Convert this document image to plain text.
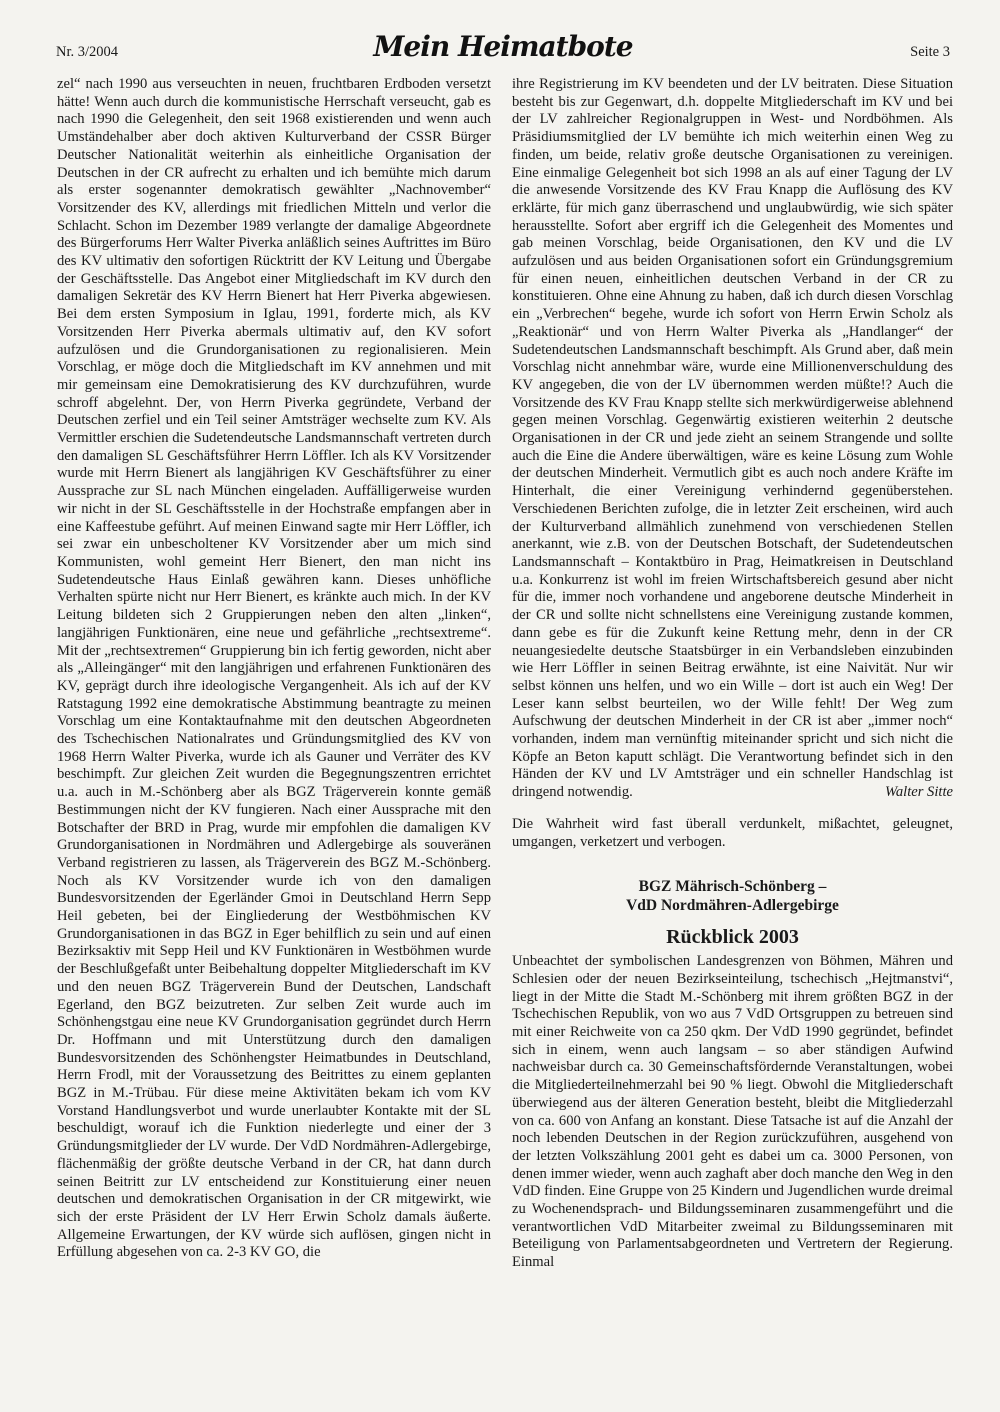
Nr. 3/2004	Mein Heimatbote	Seite 3

zel“ nach 1990 aus verseuchten in neuen, fruchtbaren Erdboden versetzt hätte! Wenn auch durch die kommunistische Herrschaft verseucht, gab es nach 1990 die Gelegenheit, den seit 1968 existierenden und wenn auch Umständehalber aber doch aktiven Kulturverband der CSSR Bürger Deutscher Nationalität weiterhin als einheitliche Organisation der Deutschen in der CR aufrecht zu erhalten und ich bemühte mich darum als erster sogenannter demokratisch gewählter „Nachnovember“ Vorsitzender des KV, allerdings mit friedlichen Mitteln und verlor die Schlacht. Schon im Dezember 1989 verlangte der damalige Abgeordnete des Bürgerforums Herr Walter Piverka anläßlich seines Auftrittes im Büro des KV ultimativ den sofortigen Rücktritt der KV Leitung und Übergabe der Geschäftsstelle. Das Angebot einer Mitgliedschaft im KV durch den damaligen Sekretär des KV Herrn Bienert hat Herr Piverka abgewiesen. Bei dem ersten Symposium in Iglau, 1991, forderte mich, als KV Vorsitzenden Herr Piverka abermals ultimativ auf, den KV sofort aufzulösen und die Grundorganisationen zu regionalisieren. Mein Vorschlag, er möge doch die Mitgliedschaft im KV annehmen und mit mir gemeinsam eine Demokratisierung des KV durchzuführen, wurde schroff abgelehnt. Der, von Herrn Piverka gegründete, Verband der Deutschen zerfiel und ein Teil seiner Amtsträger wechselte zum KV. Als Vermittler erschien die Sudetendeutsche Landsmannschaft vertreten durch den damaligen SL Geschäftsführer Herrn Löffler. Ich als KV Vorsitzender wurde mit Herrn Bienert als langjährigen KV Geschäftsführer zu einer Aussprache zur SL nach München eingeladen. Auffälligerweise wurden wir nicht in der SL Geschäftsstelle in der Hochstraße empfangen aber in eine Kaffeestube geführt. Auf meinen Einwand sagte mir Herr Löffler, ich sei zwar ein unbescholtener KV Vorsitzender aber um mich sind Kommunisten, wohl gemeint Herr Bienert, den man nicht ins Sudetendeutsche Haus Einlaß gewähren kann. Dieses unhöfliche Verhalten spürte nicht nur Herr Bienert, es kränkte auch mich. In der KV Leitung bildeten sich 2 Gruppierungen neben den alten „linken“, langjährigen Funktionären, eine neue und gefährliche „rechtsextreme“. Mit der „rechtsextremen“ Gruppierung bin ich fertig geworden, nicht aber als „Alleingänger“ mit den langjährigen und erfahrenen Funktionären des KV, geprägt durch ihre ideologische Vergangenheit. Als ich auf der KV Ratstagung 1992 eine demokratische Abstimmung beantragte zu meinen Vorschlag um eine Kontaktaufnahme mit den deutschen Abgeordneten des Tschechischen Nationalrates und Gründungsmitglied des KV von 1968 Herrn Walter Piverka, wurde ich als Gauner und Verräter des KV beschimpft. Zur gleichen Zeit wurden die Begegnungszentren errichtet u.a. auch in M.-Schönberg aber als BGZ Trägerverein konnte gemäß Bestimmungen nicht der KV fungieren. Nach einer Aussprache mit den Botschafter der BRD in Prag, wurde mir empfohlen die damaligen KV Grundorganisationen in Nordmähren und Adlergebirge als souveränen Verband registrieren zu lassen, als Trägerverein des BGZ M.-Schönberg. Noch als KV Vorsitzender wurde ich von den damaligen Bundesvorsitzenden der Egerländer Gmoi in Deutschland Herrn Sepp Heil gebeten, bei der Eingliederung der Westböhmischen KV Grundorganisationen in das BGZ in Eger behilflich zu sein und auf einen Bezirksaktiv mit Sepp Heil und KV Funktionären in Westböhmen wurde der Beschlußgefaßt unter Beibehaltung doppelter Mitgliederschaft im KV und den neuen BGZ Trägerverein Bund der Deutschen, Landschaft Egerland, den BGZ beizutreten. Zur selben Zeit wurde auch im Schönhengstgau eine neue KV Grundorganisation gegründet durch Herrn Dr. Hoffmann und mit Unterstützung durch den damaligen Bundesvorsitzenden des Schönhengster Heimatbundes in Deutschland, Herrn Frodl, mit der Voraussetzung des Beitrittes zu einem geplanten BGZ in M.-Trübau. Für diese meine Aktivitäten bekam ich vom KV Vorstand Handlungsverbot und wurde unerlaubter Kontakte mit der SL beschuldigt, worauf ich die Funktion niederlegte und einer der 3 Gründungsmitglieder der LV wurde. Der VdD Nordmähren-Adlergebirge, flächenmäßig der größte deutsche Verband in der CR, hat dann durch seinen Beitritt zur LV entscheidend zur Konstituierung einer neuen deutschen und demokratischen Organisation in der CR mitgewirkt, wie sich der erste Präsident der LV Herr Erwin Scholz damals äußerte. Allgemeine Erwartungen, der KV würde sich auflösen, gingen nicht in Erfüllung abgesehen von ca. 2-3 KV GO, die

ihre Registrierung im KV beendeten und der LV beitraten. Diese Situation besteht bis zur Gegenwart, d.h. doppelte Mitgliederschaft im KV und bei der LV zahlreicher Regionalgruppen in West- und Nordböhmen. Als Präsidiumsmitglied der LV bemühte ich mich weiterhin einen Weg zu finden, um beide, relativ große deutsche Organisationen zu vereinigen. Eine einmalige Gelegenheit bot sich 1998 an als auf einer Tagung der LV die anwesende Vorsitzende des KV Frau Knapp die Auflösung des KV erklärte, für mich ganz überraschend und unglaubwürdig, wie sich später herausstellte. Sofort aber ergriff ich die Gelegenheit des Momentes und gab meinen Vorschlag, beide Organisationen, den KV und die LV aufzulösen und aus beiden Organisationen sofort ein Gründungsgremium für einen neuen, einheitlichen deutschen Verband in der CR zu konstituieren. Ohne eine Ahnung zu haben, daß ich durch diesen Vorschlag ein „Verbrechen“ begehe, wurde ich sofort von Herrn Erwin Scholz als „Reaktionär“ und von Herrn Walter Piverka als „Handlanger“ der Sudetendeutschen Landsmannschaft beschimpft. Als Grund aber, daß mein Vorschlag nicht annehmbar wäre, wurde eine Millionenverschuldung des KV angegeben, die von der LV übernommen werden müßte!? Auch die Vorsitzende des KV Frau Knapp stellte sich merkwürdigerweise ablehnend gegen meinen Vorschlag. Gegenwärtig existieren weiterhin 2 deutsche Organisationen in der CR und jede zieht an seinem Strangende und sollte auch die Eine die Andere überwältigen, wäre es keine Lösung zum Wohle der deutschen Minderheit. Vermutlich gibt es auch noch andere Kräfte im Hinterhalt, die einer Vereinigung verhindernd gegenüberstehen. Verschiedenen Berichten zufolge, die in letzter Zeit erscheinen, wird auch der Kulturverband allmählich zunehmend von verschiedenen Stellen anerkannt, wie z.B. von der Deutschen Botschaft, der Sudetendeutschen Landsmannschaft – Kontaktbüro in Prag, Heimatkreisen in Deutschland u.a. Konkurrenz ist wohl im freien Wirtschaftsbereich gesund aber nicht für die, immer noch vorhandene und angeborene deutsche Minderheit in der CR und sollte nicht schnellstens eine Vereinigung zustande kommen, dann gebe es für die Zukunft keine Rettung mehr, denn in der CR neuangesiedelte deutsche Staatsbürger in ein Verbandsleben einzubinden wie Herr Löffler in seinen Beitrag erwähnte, ist eine Naivität. Nur wir selbst können uns helfen, und wo ein Wille – dort ist auch ein Weg! Der Leser kann selbst beurteilen, wo der Wille fehlt! Der Weg zum Aufschwung der deutschen Minderheit in der CR ist aber „immer noch“ vorhanden, indem man vernünftig miteinander spricht und sich nicht die Köpfe an Beton kaputt schlägt. Die Verantwortung befindet sich in den Händen der KV und LV Amtsträger und ein schneller Handschlag ist dringend notwendig.	Walter Sitte

Die Wahrheit wird fast überall verdunkelt, mißachtet, geleugnet, umgangen, verketzert und verbogen.

BGZ Mährisch-Schönberg –
VdD Nordmähren-Adlergebirge

Rückblick 2003

Unbeachtet der symbolischen Landesgrenzen von Böhmen, Mähren und Schlesien oder der neuen Bezirkseinteilung, tschechisch „Hejtmanstvi“, liegt in der Mitte die Stadt M.-Schönberg mit ihrem größten BGZ in der Tschechischen Republik, von wo aus 7 VdD Ortsgruppen zu betreuen sind mit einer Reichweite von ca 250 qkm. Der VdD 1990 gegründet, befindet sich in einem, wenn auch langsam – so aber ständigen Aufwind nachweisbar durch ca. 30 Gemeinschaftsfördernde Veranstaltungen, wobei die Mitgliederteilnehmerzahl bei 90 % liegt. Obwohl die Mitgliederschaft überwiegend aus der älteren Generation besteht, bleibt die Mitgliederzahl von ca. 600 von Anfang an konstant. Diese Tatsache ist auf die Anzahl der noch lebenden Deutschen in der Region zurückzuführen, ausgehend von der letzten Volkszählung 2001 geht es dabei um ca. 3000 Personen, von denen immer wieder, wenn auch zaghaft aber doch manche den Weg in den VdD finden. Eine Gruppe von 25 Kindern und Jugendlichen wurde dreimal zu Wochenendsprach- und Bildungsseminaren zusammengeführt und die verantwortlichen VdD Mitarbeiter zweimal zu Bildungsseminaren mit Beteiligung von Parlamentsabgeordneten und Vertretern der Regierung. Einmal
